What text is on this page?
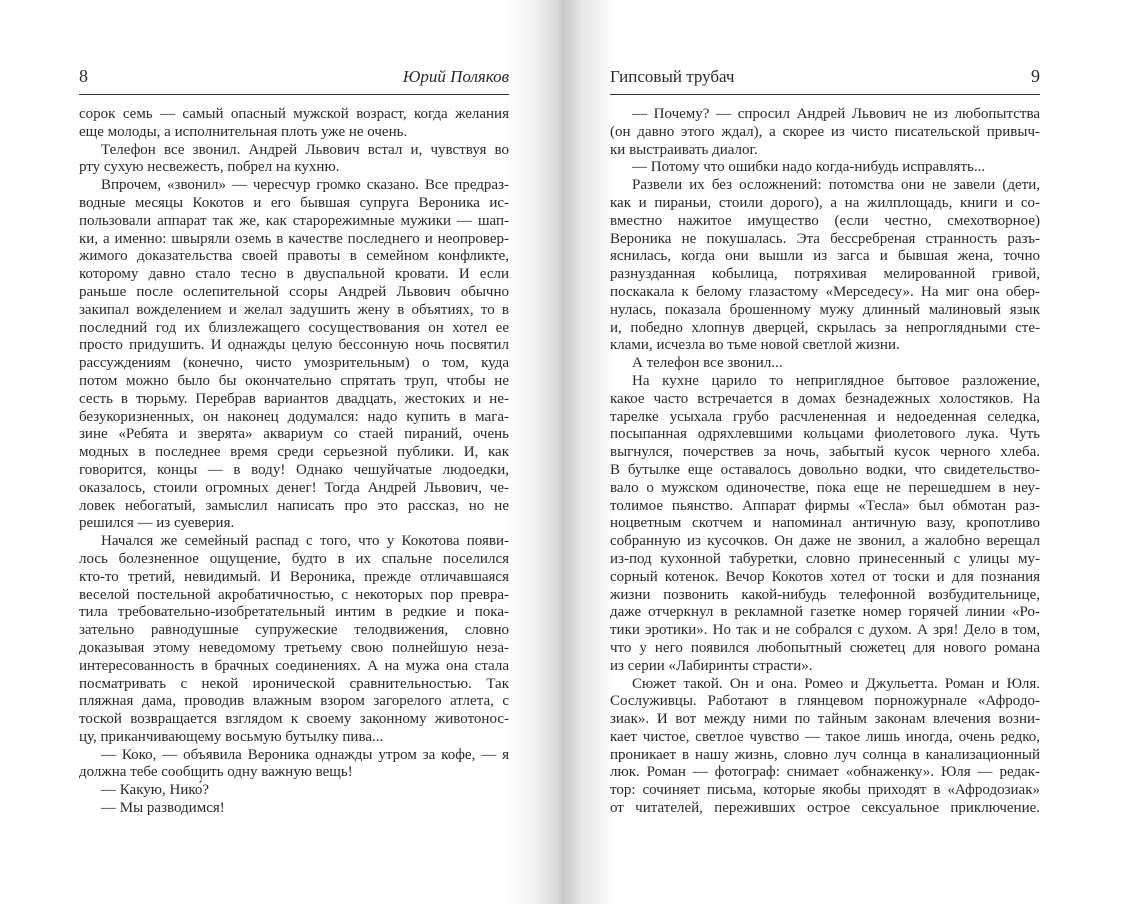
8	Юрий Поляков
сорок семь — самый опасный мужской возраст, когда желания
еще молоды, а исполнительная плоть уже не очень.
Телефон все звонил. Андрей Львович встал и, чувствуя во
рту сухую несвежесть, побрел на кухню.
Впрочем, «звонил» — чересчур громко сказано. Все предраз-
водные месяцы Кокотов и его бывшая супруга Вероника ис-
пользовали аппарат так же, как старорежимные мужики — шап-
ки, а именно: швыряли оземь в качестве последнего и неопровер-
жимого доказательства своей правоты в семейном конфликте,
которому давно стало тесно в двуспальной кровати. И если
раньше после ослепительной ссоры Андрей Львович обычно
закипал вожделением и желал задушить жену в объятиях, то в
последний год их близлежащего сосуществования он хотел ее
просто придушить. И однажды целую бессонную ночь посвятил
рассуждениям (конечно, чисто умозрительным) о том, куда
потом можно было бы окончательно спрятать труп, чтобы не
сесть в тюрьму. Перебрав вариантов двадцать, жестоких и не-
безукоризненных, он наконец додумался: надо купить в мага-
зине «Ребята и зверята» аквариум со стаей пираний, очень
модных в последнее время среди серьезной публики. И, как
говорится, концы — в воду! Однако чешуйчатые людоедки,
оказалось, стоили огромных денег! Тогда Андрей Львович, че-
ловек небогатый, замыслил написать про это рассказ, но не
решился — из суеверия.
Начался же семейный распад с того, что у Кокотова появи-
лось болезненное ощущение, будто в их спальне поселился
кто-то третий, невидимый. И Вероника, прежде отличавшаяся
веселой постельной акробатичностью, с некоторых пор превра-
тила требовательно-изобретательный интим в редкие и пока-
зательно равнодушные супружеские телодвижения, словно
доказывая этому неведомому третьему свою полнейшую неза-
интересованность в брачных соединениях. А на мужа она стала
посматривать с некой иронической сравнительностью. Так
пляжная дама, проводив влажным взором загорелого атлета, с
тоской возвращается взглядом к своему законному животонос-
цу, приканчивающему восьмую бутылку пива...
— Коко, — объявила Вероника однажды утром за кофе, — я
должна тебе сообщить одну важную вещь!
— Какую, Нико́?
— Мы разводимся!
Гипсовый трубач	9
— Почему? — спросил Андрей Львович не из любопытства
(он давно этого ждал), а скорее из чисто писательской привыч-
ки выстраивать диалог.
— Потому что ошибки надо когда-нибудь исправлять...
Развели их без осложнений: потомства они не завели (дети,
как и пираньи, стоили дорого), а на жилплощадь, книги и со-
вместно нажитое имущество (если честно, смехотворное)
Вероника не покушалась. Эта бессребреная странность разъ-
яснилась, когда они вышли из загса и бывшая жена, точно
разнузданная кобылица, потряхивая мелированной гривой,
поскакала к белому глазастому «Мерседесу». На миг она обер-
нулась, показала брошенному мужу длинный малиновый язык
и, победно хлопнув дверцей, скрылась за непроглядными сте-
клами, исчезла во тьме новой светлой жизни.
А телефон все звонил...
На кухне царило то неприглядное бытовое разложение,
какое часто встречается в домах безнадежных холостяков. На
тарелке усыхала грубо расчлененная и недоеденная селедка,
посыпанная одряхлевшими кольцами фиолетового лука. Чуть
выгнулся, почерствев за ночь, забытый кусок черного хлеба.
В бутылке еще оставалось довольно водки, что свидетельство-
вало о мужском одиночестве, пока еще не перешедшем в неу-
толимое пьянство. Аппарат фирмы «Тесла» был обмотан раз-
ноцветным скотчем и напоминал античную вазу, кропотливо
собранную из кусочков. Он даже не звонил, а жалобно верещал
из-под кухонной табуретки, словно принесенный с улицы му-
сорный котенок. Вечор Кокотов хотел от тоски и для познания
жизни позвонить какой-нибудь телефонной возбудительнице,
даже отчеркнул в рекламной газетке номер горячей линии «Ро-
тики эротики». Но так и не собрался с духом. А зря! Дело в том,
что у него появился любопытный сюжетец для нового романа
из серии «Лабиринты страсти».
Сюжет такой. Он и она. Ромео и Джульетта. Роман и Юля.
Сослуживцы. Работают в глянцевом порножурнале «Афродо-
зиак». И вот между ними по тайным законам влечения возни-
кает чистое, светлое чувство — такое лишь иногда, очень редко,
проникает в нашу жизнь, словно луч солнца в канализационный
люк. Роман — фотограф: снимает «обнаженку». Юля — редак-
тор: сочиняет письма, которые якобы приходят в «Афродозиак»
от читателей, переживших острое сексуальное приключение.
